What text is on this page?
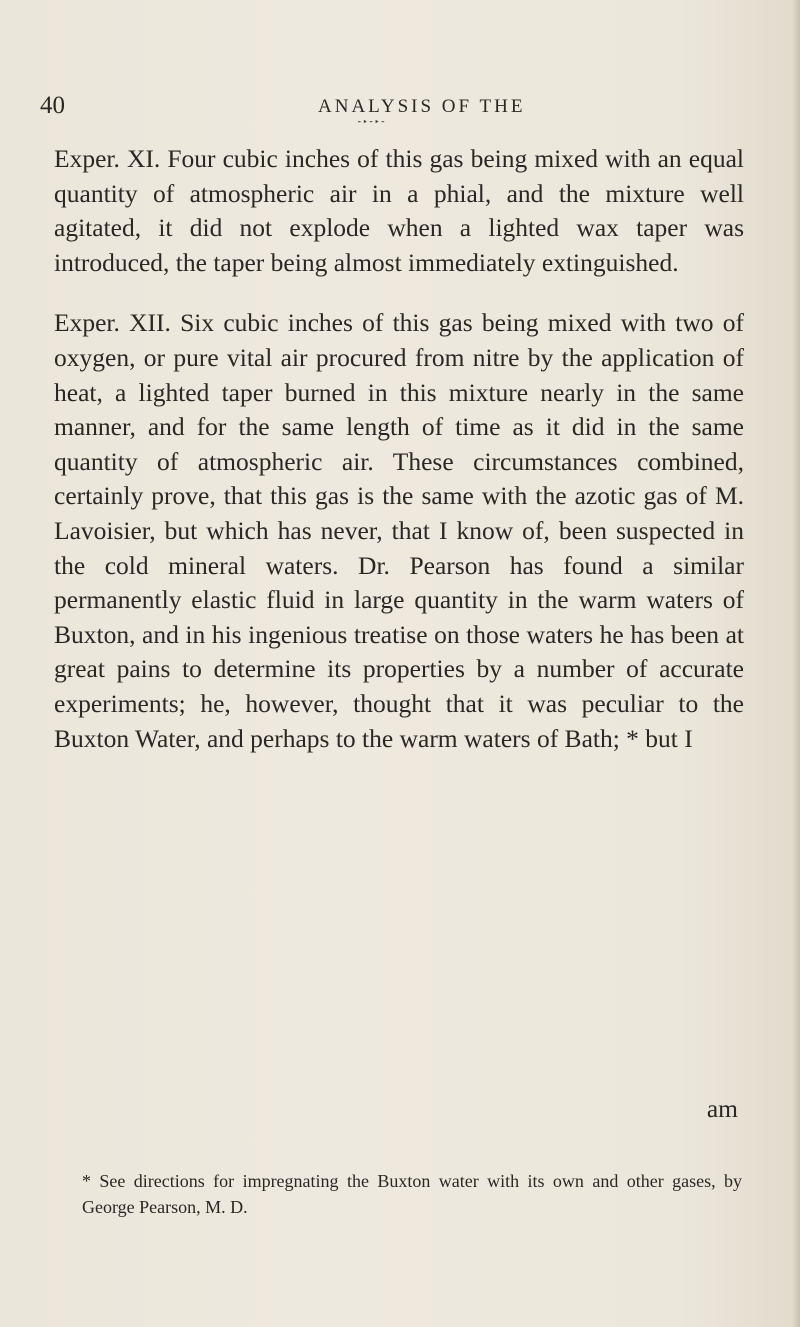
40	ANALYSIS OF THE
⁃‣⁃‣⁃

Exper. XI. Four cubic inches of this gas being mixed with an equal quantity of atmospheric air in a phial, and the mixture well agitated, it did not explode when a lighted wax taper was introduced, the taper being almost immediately extinguished.

Exper. XII. Six cubic inches of this gas being mixed with two of oxygen, or pure vital air procured from nitre by the application of heat, a lighted taper burned in this mixture nearly in the same manner, and for the same length of time as it did in the same quantity of atmospheric air. These circumstances combined, certainly prove, that this gas is the same with the azotic gas of M. Lavoisier, but which has never, that I know of, been suspected in the cold mineral waters. Dr. Pearson has found a similar permanently elastic fluid in large quantity in the warm waters of Buxton, and in his ingenious treatise on those waters he has been at great pains to determine its properties by a number of accurate experiments; he, however, thought that it was peculiar to the Buxton Water, and perhaps to the warm waters of Bath; * but I

am

* See directions for impregnating the Buxton water with its own and other gases, by George Pearson, M. D.
